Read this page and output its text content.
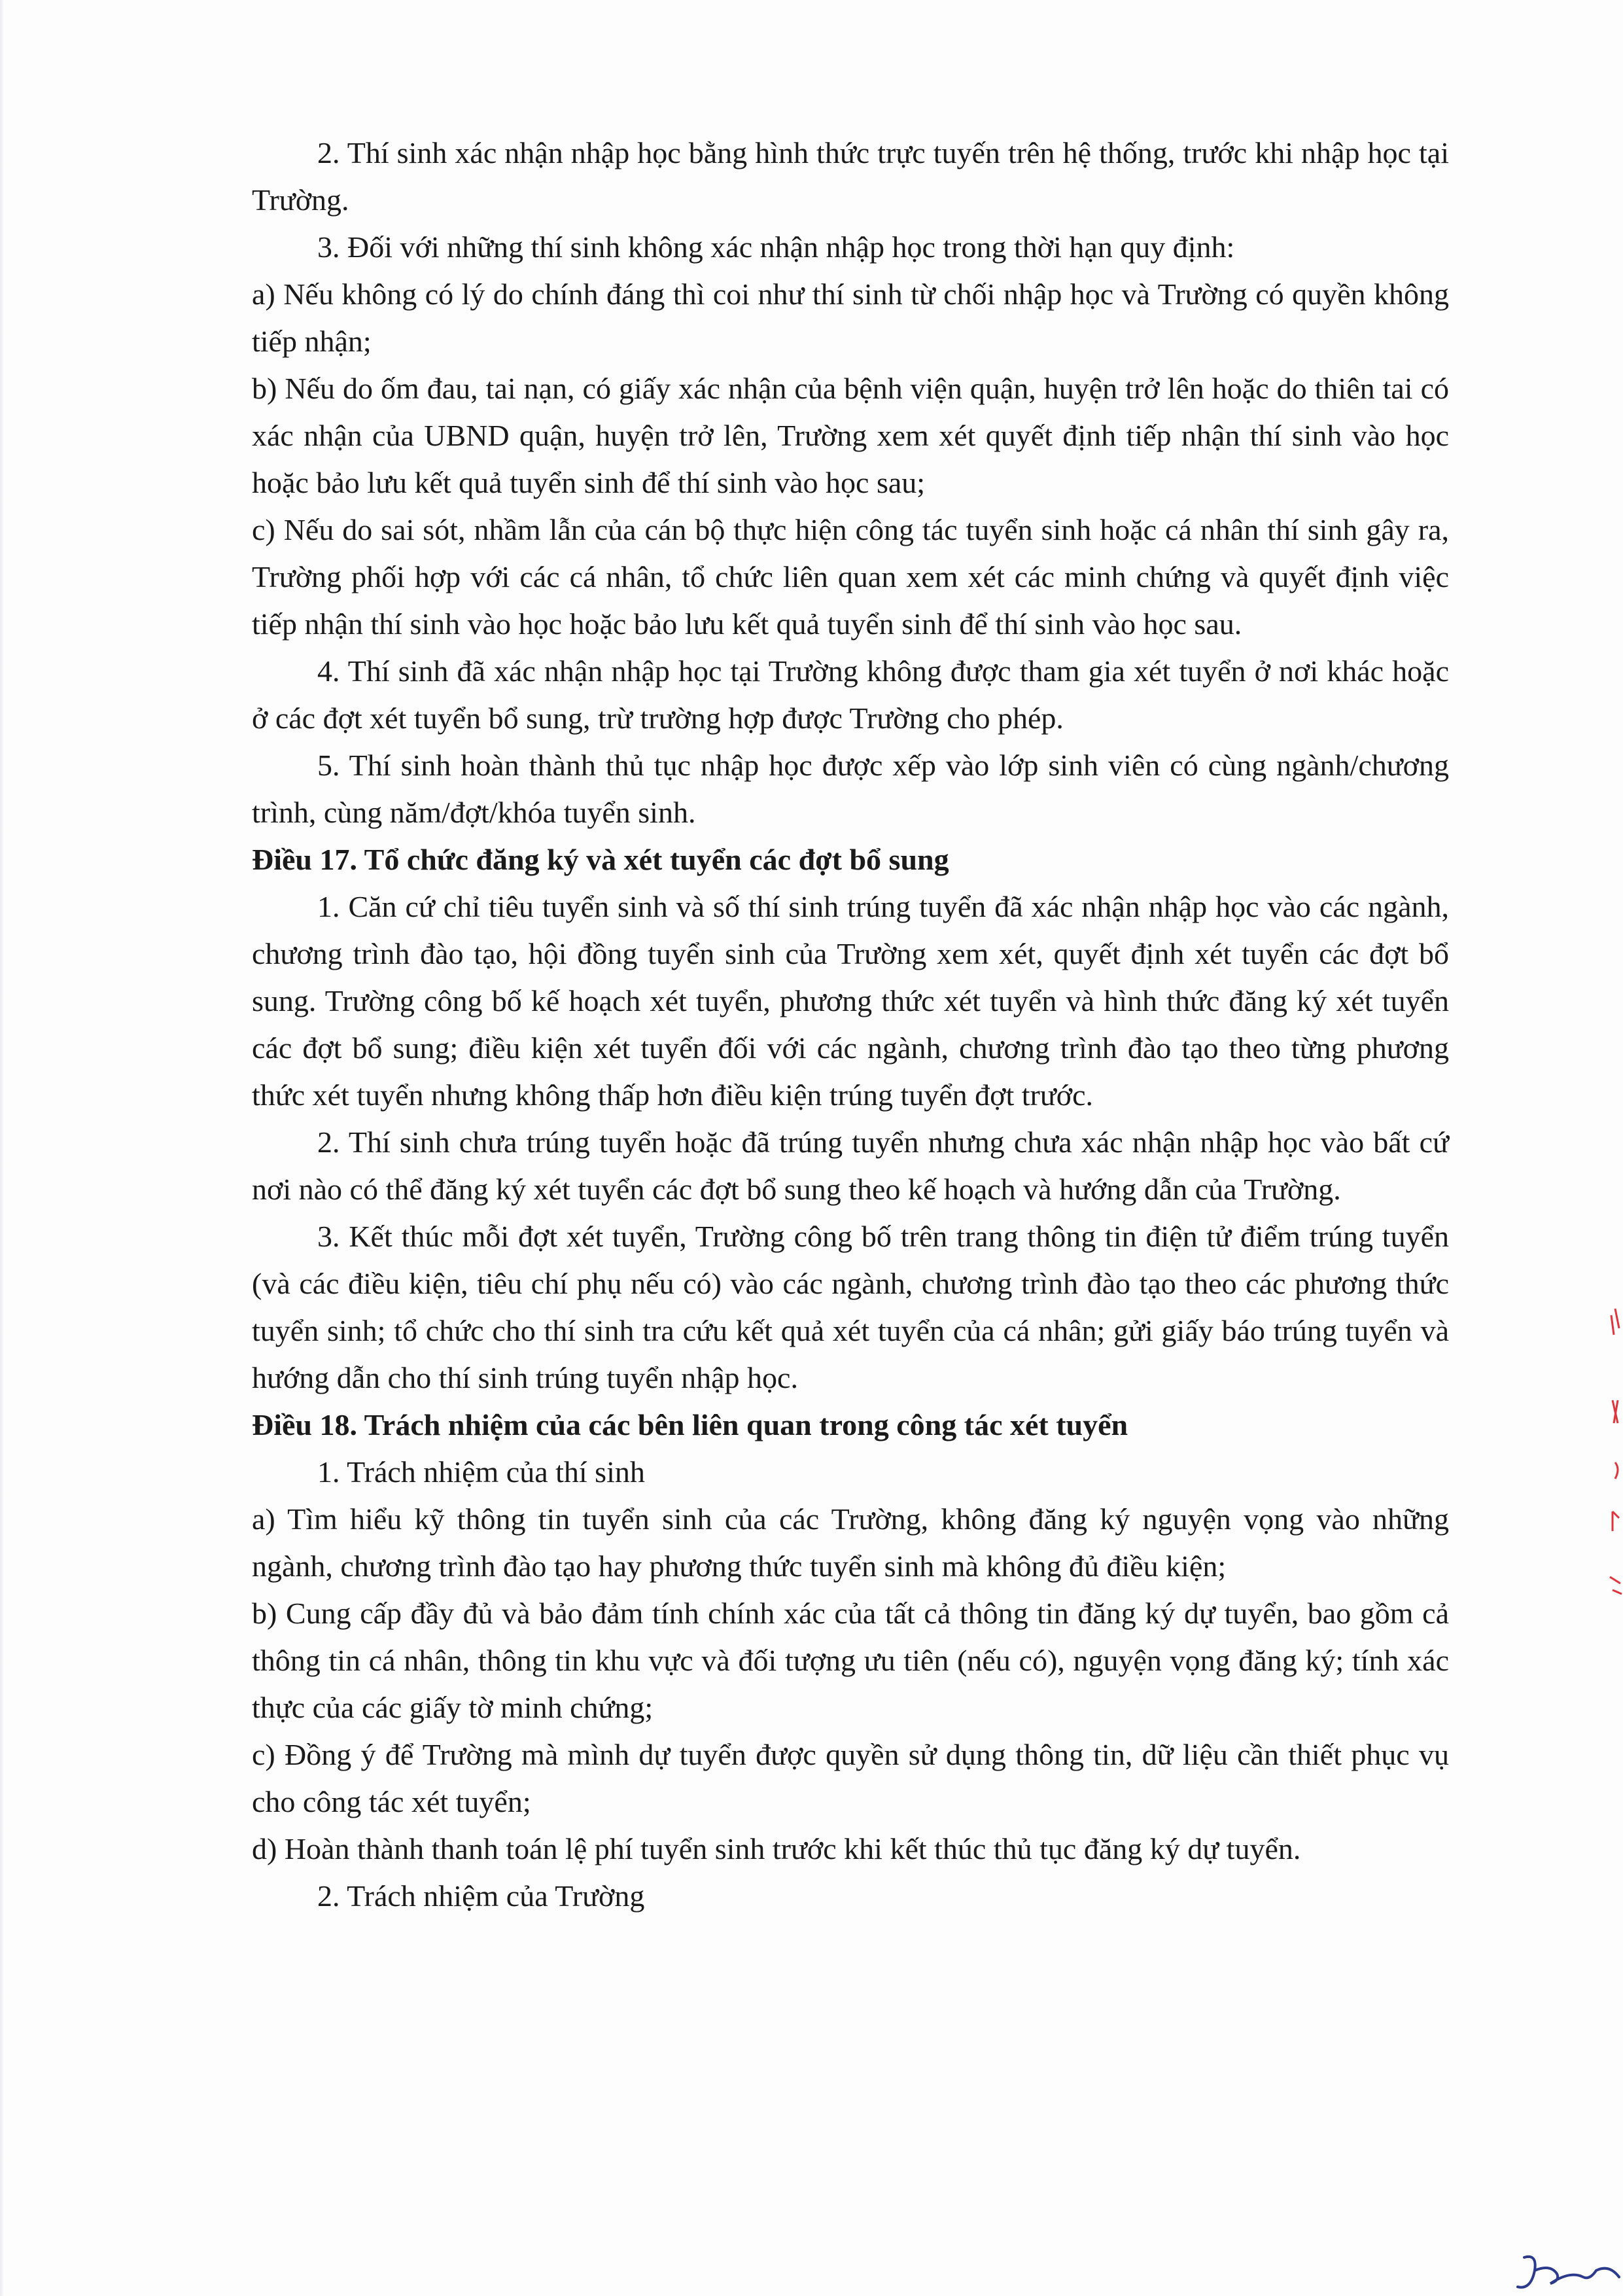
2. Thí sinh xác nhận nhập học bằng hình thức trực tuyến trên hệ thống, trước khi nhập học tại Trường.

3. Đối với những thí sinh không xác nhận nhập học trong thời hạn quy định:

a) Nếu không có lý do chính đáng thì coi như thí sinh từ chối nhập học và Trường có quyền không tiếp nhận;

b) Nếu do ốm đau, tai nạn, có giấy xác nhận của bệnh viện quận, huyện trở lên hoặc do thiên tai có xác nhận của UBND quận, huyện trở lên, Trường xem xét quyết định tiếp nhận thí sinh vào học hoặc bảo lưu kết quả tuyển sinh để thí sinh vào học sau;

c) Nếu do sai sót, nhầm lẫn của cán bộ thực hiện công tác tuyển sinh hoặc cá nhân thí sinh gây ra, Trường phối hợp với các cá nhân, tổ chức liên quan xem xét các minh chứng và quyết định việc tiếp nhận thí sinh vào học hoặc bảo lưu kết quả tuyển sinh để thí sinh vào học sau.

4. Thí sinh đã xác nhận nhập học tại Trường không được tham gia xét tuyển ở nơi khác hoặc ở các đợt xét tuyển bổ sung, trừ trường hợp được Trường cho phép.

5. Thí sinh hoàn thành thủ tục nhập học được xếp vào lớp sinh viên có cùng ngành/chương trình, cùng năm/đợt/khóa tuyển sinh.

Điều 17. Tổ chức đăng ký và xét tuyển các đợt bổ sung

1. Căn cứ chỉ tiêu tuyển sinh và số thí sinh trúng tuyển đã xác nhận nhập học vào các ngành, chương trình đào tạo, hội đồng tuyển sinh của Trường xem xét, quyết định xét tuyển các đợt bổ sung. Trường công bố kế hoạch xét tuyển, phương thức xét tuyển và hình thức đăng ký xét tuyển các đợt bổ sung; điều kiện xét tuyển đối với các ngành, chương trình đào tạo theo từng phương thức xét tuyển nhưng không thấp hơn điều kiện trúng tuyển đợt trước.

2. Thí sinh chưa trúng tuyển hoặc đã trúng tuyển nhưng chưa xác nhận nhập học vào bất cứ nơi nào có thể đăng ký xét tuyển các đợt bổ sung theo kế hoạch và hướng dẫn của Trường.

3. Kết thúc mỗi đợt xét tuyển, Trường công bố trên trang thông tin điện tử điểm trúng tuyển (và các điều kiện, tiêu chí phụ nếu có) vào các ngành, chương trình đào tạo theo các phương thức tuyển sinh; tổ chức cho thí sinh tra cứu kết quả xét tuyển của cá nhân; gửi giấy báo trúng tuyển và hướng dẫn cho thí sinh trúng tuyển nhập học.

Điều 18. Trách nhiệm của các bên liên quan trong công tác xét tuyển

1. Trách nhiệm của thí sinh

a) Tìm hiểu kỹ thông tin tuyển sinh của các Trường, không đăng ký nguyện vọng vào những ngành, chương trình đào tạo hay phương thức tuyển sinh mà không đủ điều kiện;

b) Cung cấp đầy đủ và bảo đảm tính chính xác của tất cả thông tin đăng ký dự tuyển, bao gồm cả thông tin cá nhân, thông tin khu vực và đối tượng ưu tiên (nếu có), nguyện vọng đăng ký; tính xác thực của các giấy tờ minh chứng;

c) Đồng ý để Trường mà mình dự tuyển được quyền sử dụng thông tin, dữ liệu cần thiết phục vụ cho công tác xét tuyển;

d) Hoàn thành thanh toán lệ phí tuyển sinh trước khi kết thúc thủ tục đăng ký dự tuyển.

2. Trách nhiệm của Trường
